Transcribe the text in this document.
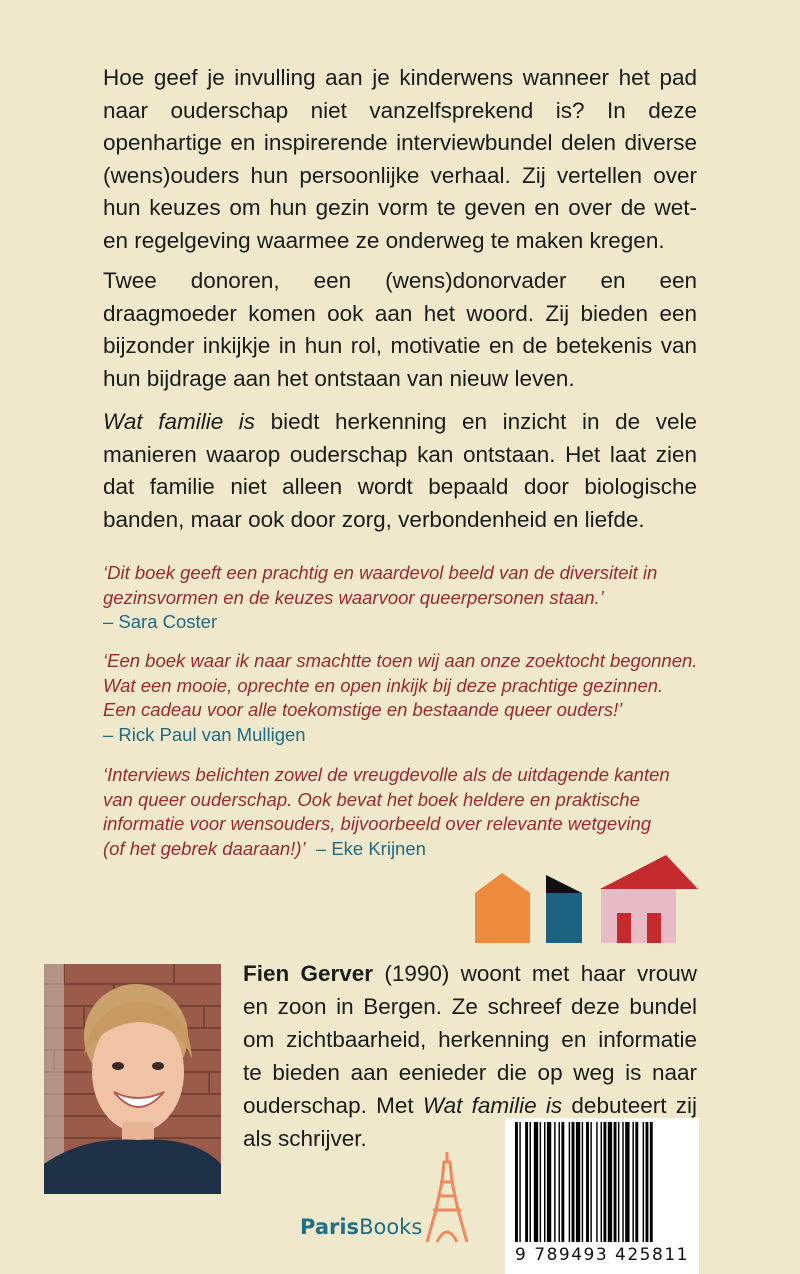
Hoe geef je invulling aan je kinderwens wanneer het pad naar ouderschap niet vanzelfsprekend is? In deze openhartige en inspirerende interviewbundel delen diverse (wens)ouders hun persoonlijke verhaal. Zij vertellen over hun keuzes om hun gezin vorm te geven en over de wet- en regelgeving waarmee ze onderweg te maken kregen.

Twee donoren, een (wens)donorvader en een draagmoeder komen ook aan het woord. Zij bieden een bijzonder inkijkje in hun rol, motivatie en de betekenis van hun bijdrage aan het ontstaan van nieuw leven.

Wat familie is biedt herkenning en inzicht in de vele manieren waarop ouderschap kan ontstaan. Het laat zien dat familie niet alleen wordt bepaald door biologische banden, maar ook door zorg, verbondenheid en liefde.

‘Dit boek geeft een prachtig en waardevol beeld van de diversiteit in
gezinsvormen en de keuzes waarvoor queerpersonen staan.’
– Sara Coster
‘Een boek waar ik naar smachtte toen wij aan onze zoektocht begonnen.
Wat een mooie, oprechte en open inkijk bij deze prachtige gezinnen.
Een cadeau voor alle toekomstige en bestaande queer ouders!’
– Rick Paul van Mulligen
‘Interviews belichten zowel de vreugdevolle als de uitdagende kanten
van queer ouderschap. Ook bevat het boek heldere en praktische
informatie voor wensouders, bijvoorbeeld over relevante wetgeving
(of het gebrek daaraan!)’ – Eke Krijnen

Fien Gerver (1990) woont met haar vrouw en zoon in Bergen. Ze schreef deze bundel om zichtbaarheid, herkenning en informatie te bieden aan eenieder die op weg is naar ouderschap. Met Wat familie is debuteert zij als schrijver.

ParisBooks
9 789493 425811
